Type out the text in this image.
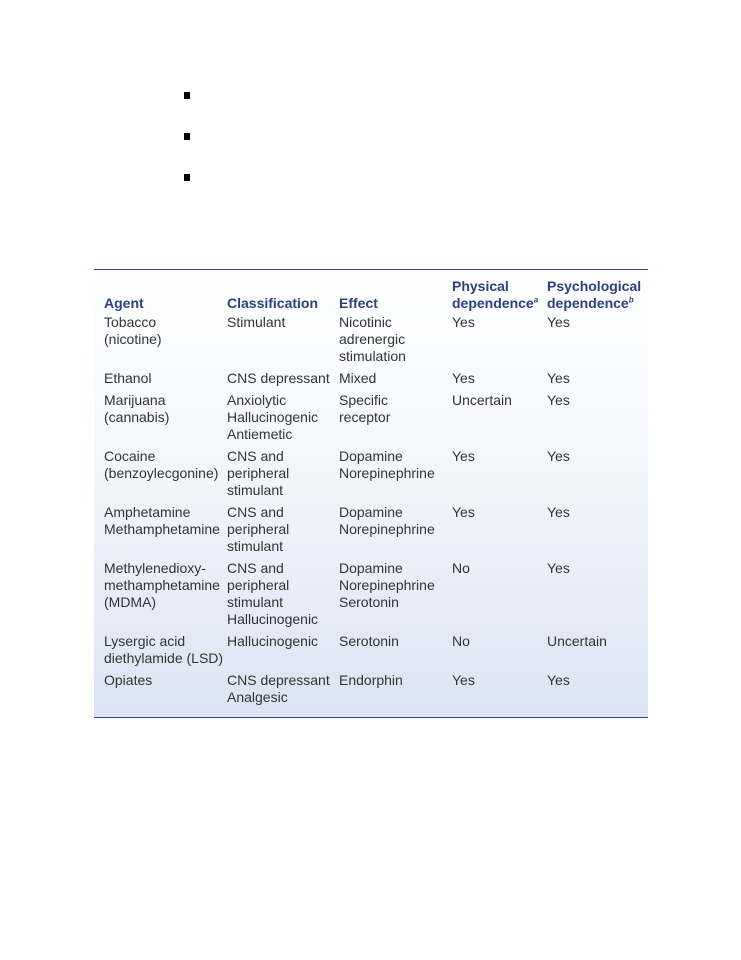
Agent	Classification	Effect	Physical
dependence$^a$	Psychological
dependence$^b$

Tobacco
(nicotine)	Stimulant	Nicotinic
adrenergic
stimulation	Yes	Yes

Ethanol	CNS depressant	Mixed	Yes	Yes

Marijuana
(cannabis)	Anxiolytic
Hallucinogenic
Antiemetic	Specific
receptor	Uncertain	Yes

Cocaine
(benzoylecgonine)	CNS and
peripheral
stimulant	Dopamine
Norepinephrine	Yes	Yes

Amphetamine
Methamphetamine	CNS and
peripheral
stimulant	Dopamine
Norepinephrine	Yes	Yes

Methylenedioxy-
methamphetamine
(MDMA)	CNS and
peripheral
stimulant
Hallucinogenic	Dopamine
Norepinephrine
Serotonin	No	Yes

Lysergic acid
diethylamide (LSD)	Hallucinogenic	Serotonin	No	Uncertain

Opiates	CNS depressant
Analgesic	Endorphin	Yes	Yes
